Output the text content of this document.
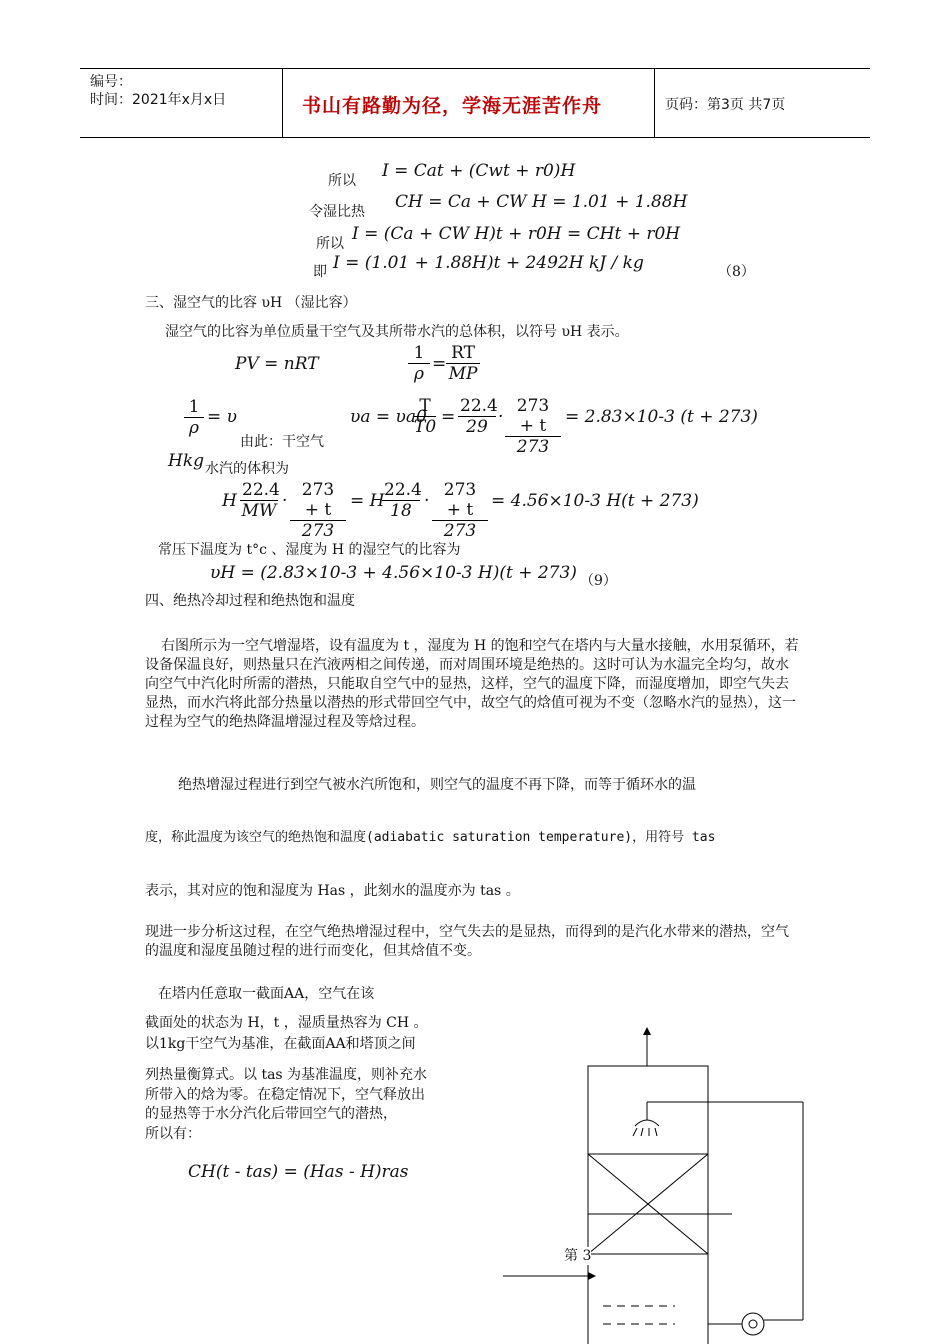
编号：
时间：2021年x月x日	书山有路勤为径，学海无涯苦作舟	页码：第3页 共7页
所以 I = Cat + (Cwt + r0)H
令湿比热 CH = Ca + CW H = 1.01 + 1.88H
所以 I = (Ca + CW H)t + r0H = CHt + r0H
即 I = (1.01 + 1.88H)t + 2492H kJ / kg	（8）
三、湿空气的比容 υH （湿比容）
湿空气的比容为单位质量干空气及其所带水汽的总体积，以符号 υH 表示。
PV = nRT	$\frac{1}{\rho} = \frac{RT}{MP}$
$\frac{1}{\rho} = \upsilon$	υa = υa0
$\frac{T}{T0} = \frac{22.4}{29} \cdot \frac{273 + t}{273} = 2.83\times 10-3$ (t + 273)
由此：干空气
Hkg 水汽的体积为
H $\frac{22.4}{MW} \cdot \frac{273 + t}{273} = H$
$\frac{22.4}{18} \cdot \frac{273 + t}{273} = 4.56\times 10-3$ H(t + 273)
常压下温度为 t°c 、湿度为 H 的湿空气的比容为
υH = (2.83×10-3 + 4.56×10-3 H)(t + 273) （9）
四、绝热冷却过程和绝热饱和温度
右图所示为一空气增湿塔，设有温度为 t ，湿度为 H 的饱和空气在塔内与大量水接触，水用泵循环，若设备保温良好，则热量只在汽液两相之间传递，而对周围环境是绝热的。这时可认为水温完全均匀，故水向空气中汽化时所需的潜热，只能取自空气中的显热，这样，空气的温度下降，而湿度增加，即空气失去显热，而水汽将此部分热量以潜热的形式带回空气中，故空气的焓值可视为不变（忽略水汽的显热），这一过程为空气的绝热降温增湿过程及等焓过程。
绝热增湿过程进行到空气被水汽所饱和，则空气的温度不再下降，而等于循环水的温
度，称此温度为该空气的绝热饱和温度(adiabatic saturation temperature)，用符号 tas
表示，其对应的饱和湿度为 Has ，此刻水的温度亦为 tas 。
现进一步分析这过程，在空气绝热增湿过程中，空气失去的是显热，而得到的是汽化水带来的潜热，空气的温度和湿度虽随过程的进行而变化，但其焓值不变。
在塔内任意取一截面AA，空气在该
截面处的状态为 H，t ，湿质量热容为 CH 。
以1kg干空气为基准，在截面AA和塔顶之间
列热量衡算式。以 tas 为基准温度，则补充水
所带入的焓为零。在稳定情况下，空气释放出
的显热等于水分汽化后带回空气的潜热，
所以有：
CH(t - tas) = (Has - H)ras
第 3
